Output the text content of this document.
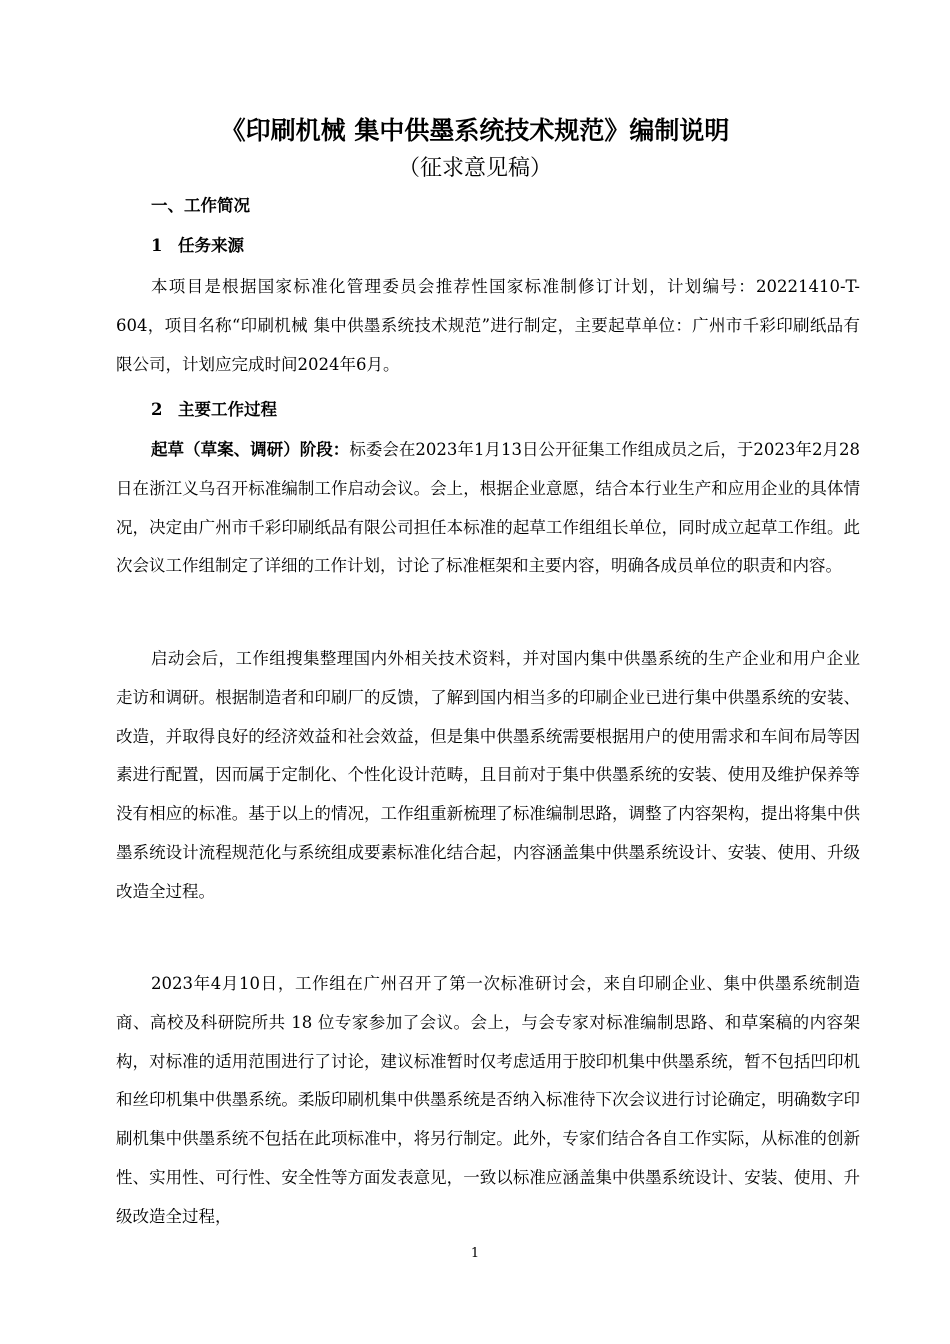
《印刷机械 集中供墨系统技术规范》编制说明
（征求意见稿）
一、工作简况
1 任务来源

本项目是根据国家标准化管理委员会推荐性国家标准制修订计划，计划编号：20221410-T-604，项目名称“印刷机械 集中供墨系统技术规范”进行制定，主要起草单位：广州市千彩印刷纸品有限公司，计划应完成时间2024年6月。

2 主要工作过程

起草（草案、调研）阶段：标委会在2023年1月13日公开征集工作组成员之后，于2023年2月28日在浙江义乌召开标准编制工作启动会议。会上，根据企业意愿，结合本行业生产和应用企业的具体情况，决定由广州市千彩印刷纸品有限公司担任本标准的起草工作组组长单位，同时成立起草工作组。此次会议工作组制定了详细的工作计划，讨论了标准框架和主要内容，明确各成员单位的职责和内容。

启动会后，工作组搜集整理国内外相关技术资料，并对国内集中供墨系统的生产企业和用户企业走访和调研。根据制造者和印刷厂的反馈，了解到国内相当多的印刷企业已进行集中供墨系统的安装、改造，并取得良好的经济效益和社会效益，但是集中供墨系统需要根据用户的使用需求和车间布局等因素进行配置，因而属于定制化、个性化设计范畴，且目前对于集中供墨系统的安装、使用及维护保养等没有相应的标准。基于以上的情况，工作组重新梳理了标准编制思路，调整了内容架构，提出将集中供墨系统设计流程规范化与系统组成要素标准化结合起，内容涵盖集中供墨系统设计、安装、使用、升级改造全过程。

2023年4月10日，工作组在广州召开了第一次标准研讨会，来自印刷企业、集中供墨系统制造商、高校及科研院所共 18 位专家参加了会议。会上，与会专家对标准编制思路、和草案稿的内容架构，对标准的适用范围进行了讨论，建议标准暂时仅考虑适用于胶印机集中供墨系统，暂不包括凹印机和丝印机集中供墨系统。柔版印刷机集中供墨系统是否纳入标准待下次会议进行讨论确定，明确数字印刷机集中供墨系统不包括在此项标准中，将另行制定。此外，专家们结合各自工作实际，从标准的创新性、实用性、可行性、安全性等方面发表意见，一致以标准应涵盖集中供墨系统设计、安装、使用、升级改造全过程，

1
